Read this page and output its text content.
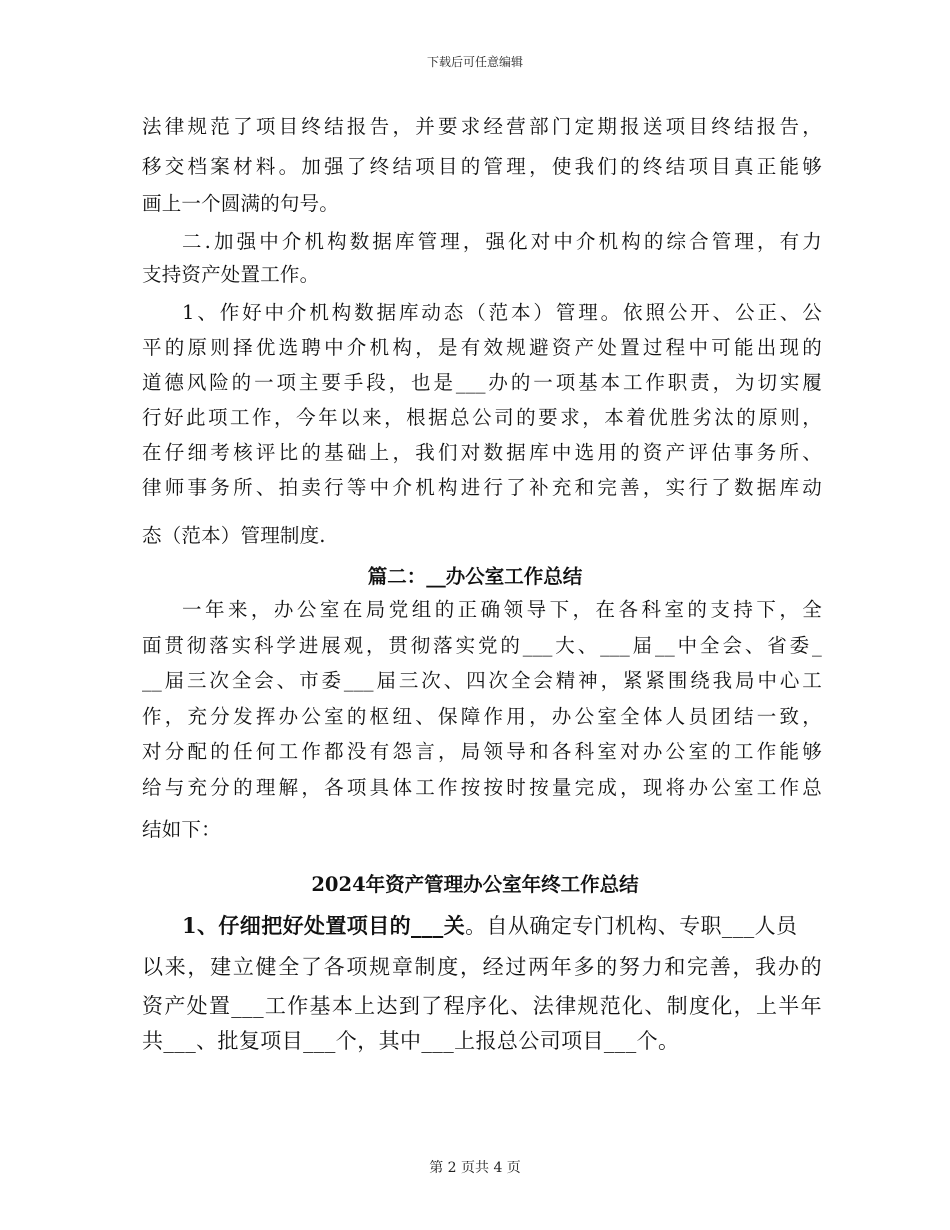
下载后可任意编辑
法律规范了项目终结报告，并要求经营部门定期报送项目终结报告，
移交档案材料。加强了终结项目的管理，使我们的终结项目真正能够
画上一个圆满的句号。
二.加强中介机构数据库管理，强化对中介机构的综合管理，有力
支持资产处置工作。
1、作好中介机构数据库动态（范本）管理。依照公开、公正、公
平的原则择优选聘中介机构，是有效规避资产处置过程中可能出现的
道德风险的一项主要手段，也是___办的一项基本工作职责，为切实履
行好此项工作，今年以来，根据总公司的要求，本着优胜劣汰的原则，
在仔细考核评比的基础上，我们对数据库中选用的资产评估事务所、
律师事务所、拍卖行等中介机构进行了补充和完善，实行了数据库动
态（范本）管理制度.
篇二：__办公室工作总结
一年来，办公室在局党组的正确领导下，在各科室的支持下，全
面贯彻落实科学进展观，贯彻落实党的___大、___届__中全会、省委_
__届三次全会、市委___届三次、四次全会精神，紧紧围绕我局中心工
作，充分发挥办公室的枢纽、保障作用，办公室全体人员团结一致，
对分配的任何工作都没有怨言，局领导和各科室对办公室的工作能够
给与充分的理解，各项具体工作按按时按量完成，现将办公室工作总
结如下：
2024年资产管理办公室年终工作总结
1、仔细把好处置项目的___关。自从确定专门机构、专职___人员
以来，建立健全了各项规章制度，经过两年多的努力和完善，我办的
资产处置___工作基本上达到了程序化、法律规范化、制度化，上半年
共___、批复项目___个，其中___上报总公司项目___个。
第 2 页共 4 页
